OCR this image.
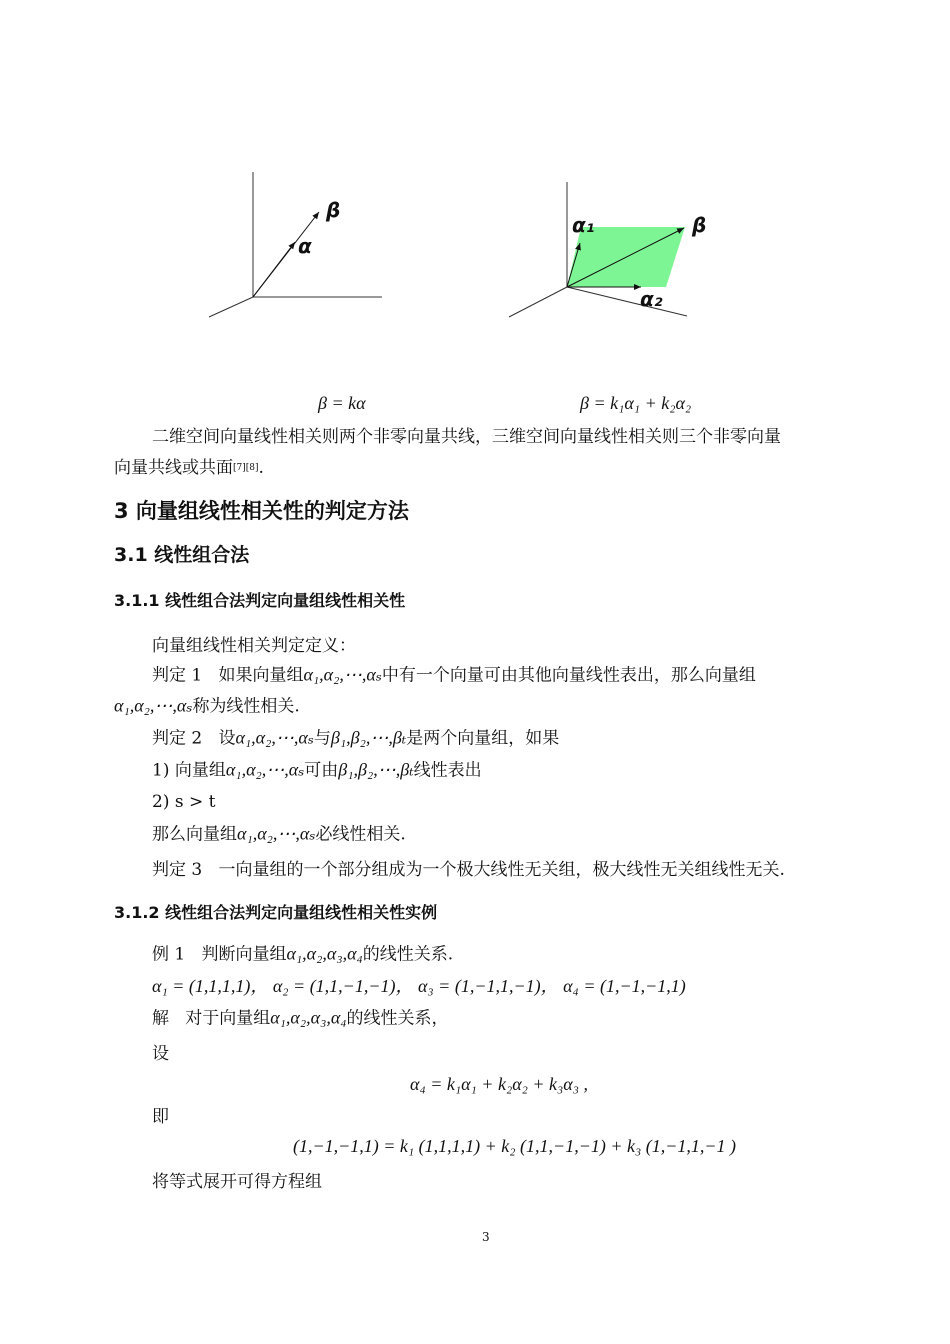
β
α
α₁	β
α₂
β = kα	β = k₁α₁ + k₂α₂
二维空间向量线性相关则两个非零向量共线，三维空间向量线性相关则三个非零向量
向量共线或共面[7][8].
3 向量组线性相关性的判定方法
3.1 线性组合法
3.1.1 线性组合法判定向量组线性相关性
向量组线性相关判定定义：
判定 1 如果向量组α₁,α₂,⋯,αₛ中有一个向量可由其他向量线性表出，那么向量组
α₁,α₂,⋯,αₛ称为线性相关.
判定 2 设α₁,α₂,⋯,αₛ与β₁,β₂,⋯,βₜ是两个向量组，如果
1) 向量组α₁,α₂,⋯,αₛ可由β₁,β₂,⋯,βₜ线性表出
2) s > t
那么向量组α₁,α₂,⋯,αₛ必线性相关.
判定 3 一向量组的一个部分组成为一个极大线性无关组，极大线性无关组线性无关.
3.1.2 线性组合法判定向量组线性相关性实例
例 1 判断向量组α₁,α₂,α₃,α₄的线性关系.
α₁ = (1,1,1,1)， α₂ = (1,1,−1,−1)， α₃ = (1,−1,1,−1)， α₄ = (1,−1,−1,1)
解 对于向量组α₁,α₂,α₃,α₄的线性关系，
设
α₄ = k₁α₁ + k₂α₂ + k₃α₃ ,
即
(1,−1,−1,1) = k₁ (1,1,1,1) + k₂ (1,1,−1,−1) + k₃ (1,−1,1,−1 )
将等式展开可得方程组
3
